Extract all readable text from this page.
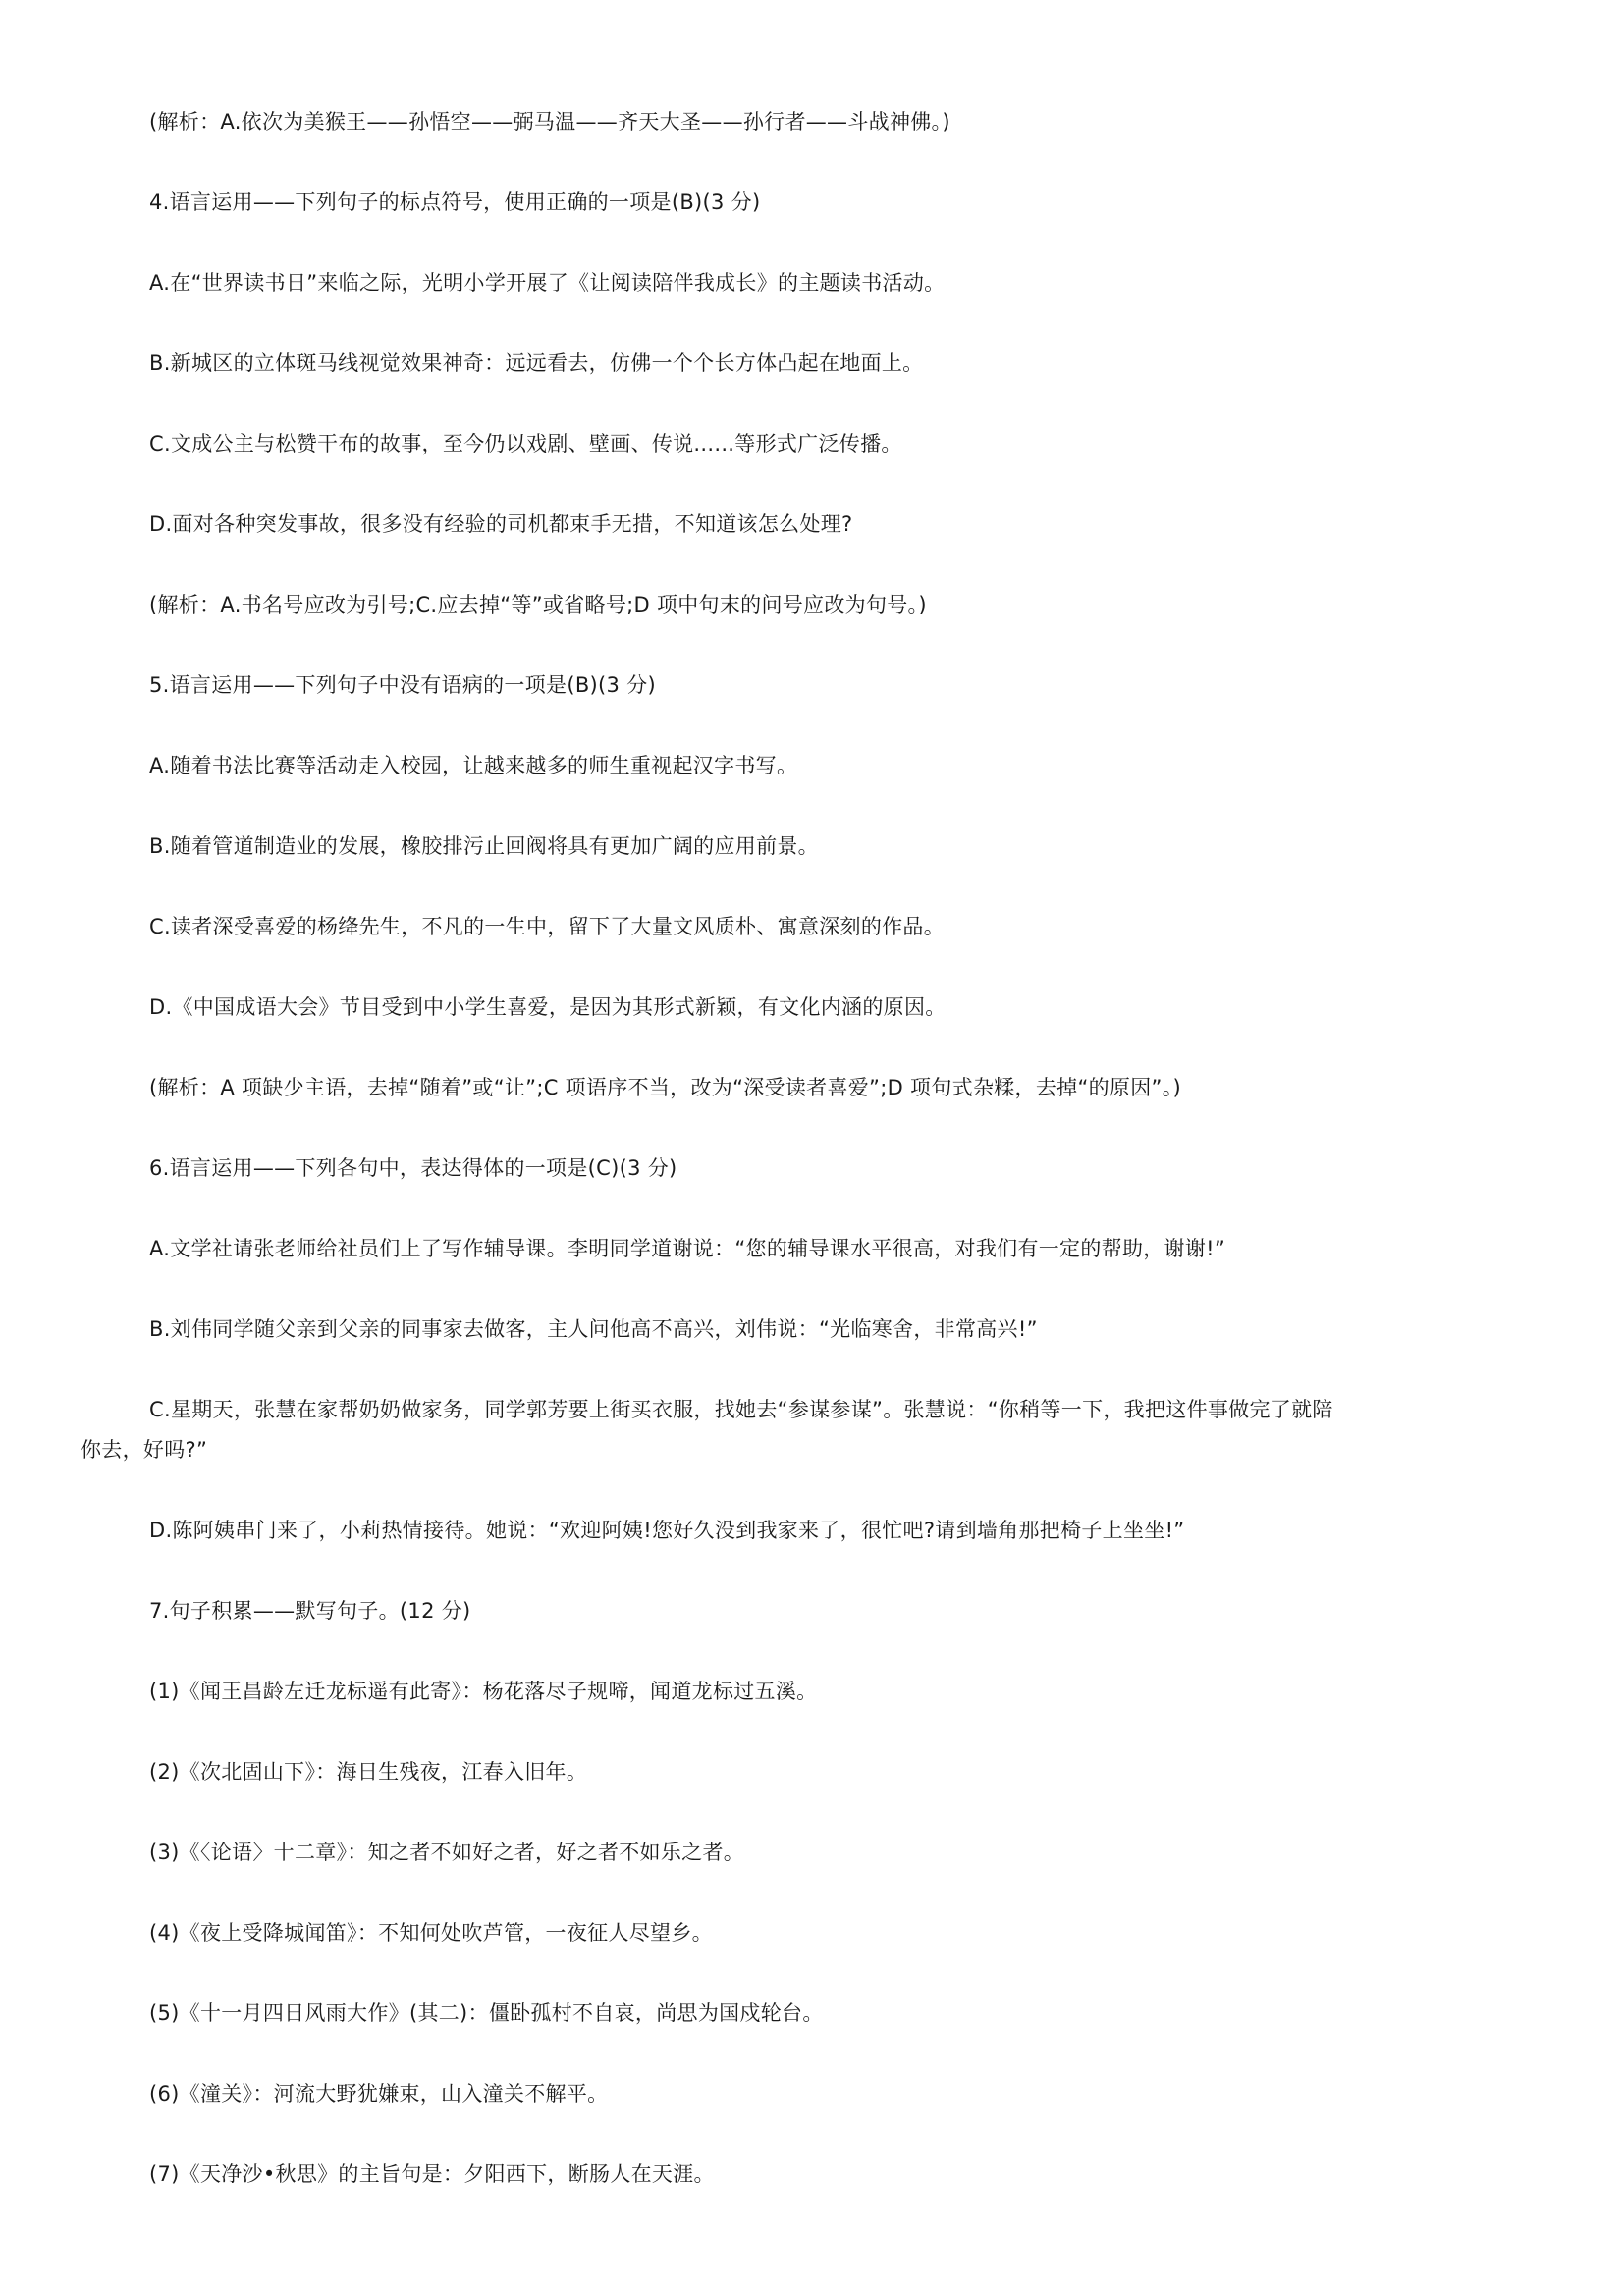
(解析：A.依次为美猴王——孙悟空——弼马温——齐天大圣——孙行者——斗战神佛。)
4.语言运用——下列句子的标点符号，使用正确的一项是(B)(3 分)
A.在“世界读书日”来临之际，光明小学开展了《让阅读陪伴我成长》的主题读书活动。
B.新城区的立体斑马线视觉效果神奇：远远看去，仿佛一个个长方体凸起在地面上。
C.文成公主与松赞干布的故事，至今仍以戏剧、壁画、传说......等形式广泛传播。
D.面对各种突发事故，很多没有经验的司机都束手无措，不知道该怎么处理?
(解析：A.书名号应改为引号;C.应去掉“等”或省略号;D 项中句末的问号应改为句号。)
5.语言运用——下列句子中没有语病的一项是(B)(3 分)
A.随着书法比赛等活动走入校园，让越来越多的师生重视起汉字书写。
B.随着管道制造业的发展，橡胶排污止回阀将具有更加广阔的应用前景。
C.读者深受喜爱的杨绛先生，不凡的一生中，留下了大量文风质朴、寓意深刻的作品。
D.《中国成语大会》节目受到中小学生喜爱，是因为其形式新颖，有文化内涵的原因。
(解析：A 项缺少主语，去掉“随着”或“让”;C 项语序不当，改为“深受读者喜爱”;D 项句式杂糅，去掉“的原因”。)
6.语言运用——下列各句中，表达得体的一项是(C)(3 分)
A.文学社请张老师给社员们上了写作辅导课。李明同学道谢说：“您的辅导课水平很高，对我们有一定的帮助，谢谢!”
B.刘伟同学随父亲到父亲的同事家去做客，主人问他高不高兴，刘伟说：“光临寒舍，非常高兴!”
C.星期天，张慧在家帮奶奶做家务，同学郭芳要上街买衣服，找她去“参谋参谋”。张慧说：“你稍等一下，我把这件事做完了就陪
你去，好吗?”
D.陈阿姨串门来了，小莉热情接待。她说：“欢迎阿姨!您好久没到我家来了，很忙吧?请到墙角那把椅子上坐坐!”
7.句子积累——默写句子。(12 分)
(1)《闻王昌龄左迁龙标遥有此寄》：杨花落尽子规啼，闻道龙标过五溪。
(2)《次北固山下》：海日生残夜，江春入旧年。
(3)《〈论语〉十二章》：知之者不如好之者，好之者不如乐之者。
(4)《夜上受降城闻笛》：不知何处吹芦管，一夜征人尽望乡。
(5)《十一月四日风雨大作》(其二)：僵卧孤村不自哀，尚思为国戍轮台。
(6)《潼关》：河流大野犹嫌束，山入潼关不解平。
(7)《天净沙•秋思》的主旨句是：夕阳西下，断肠人在天涯。
